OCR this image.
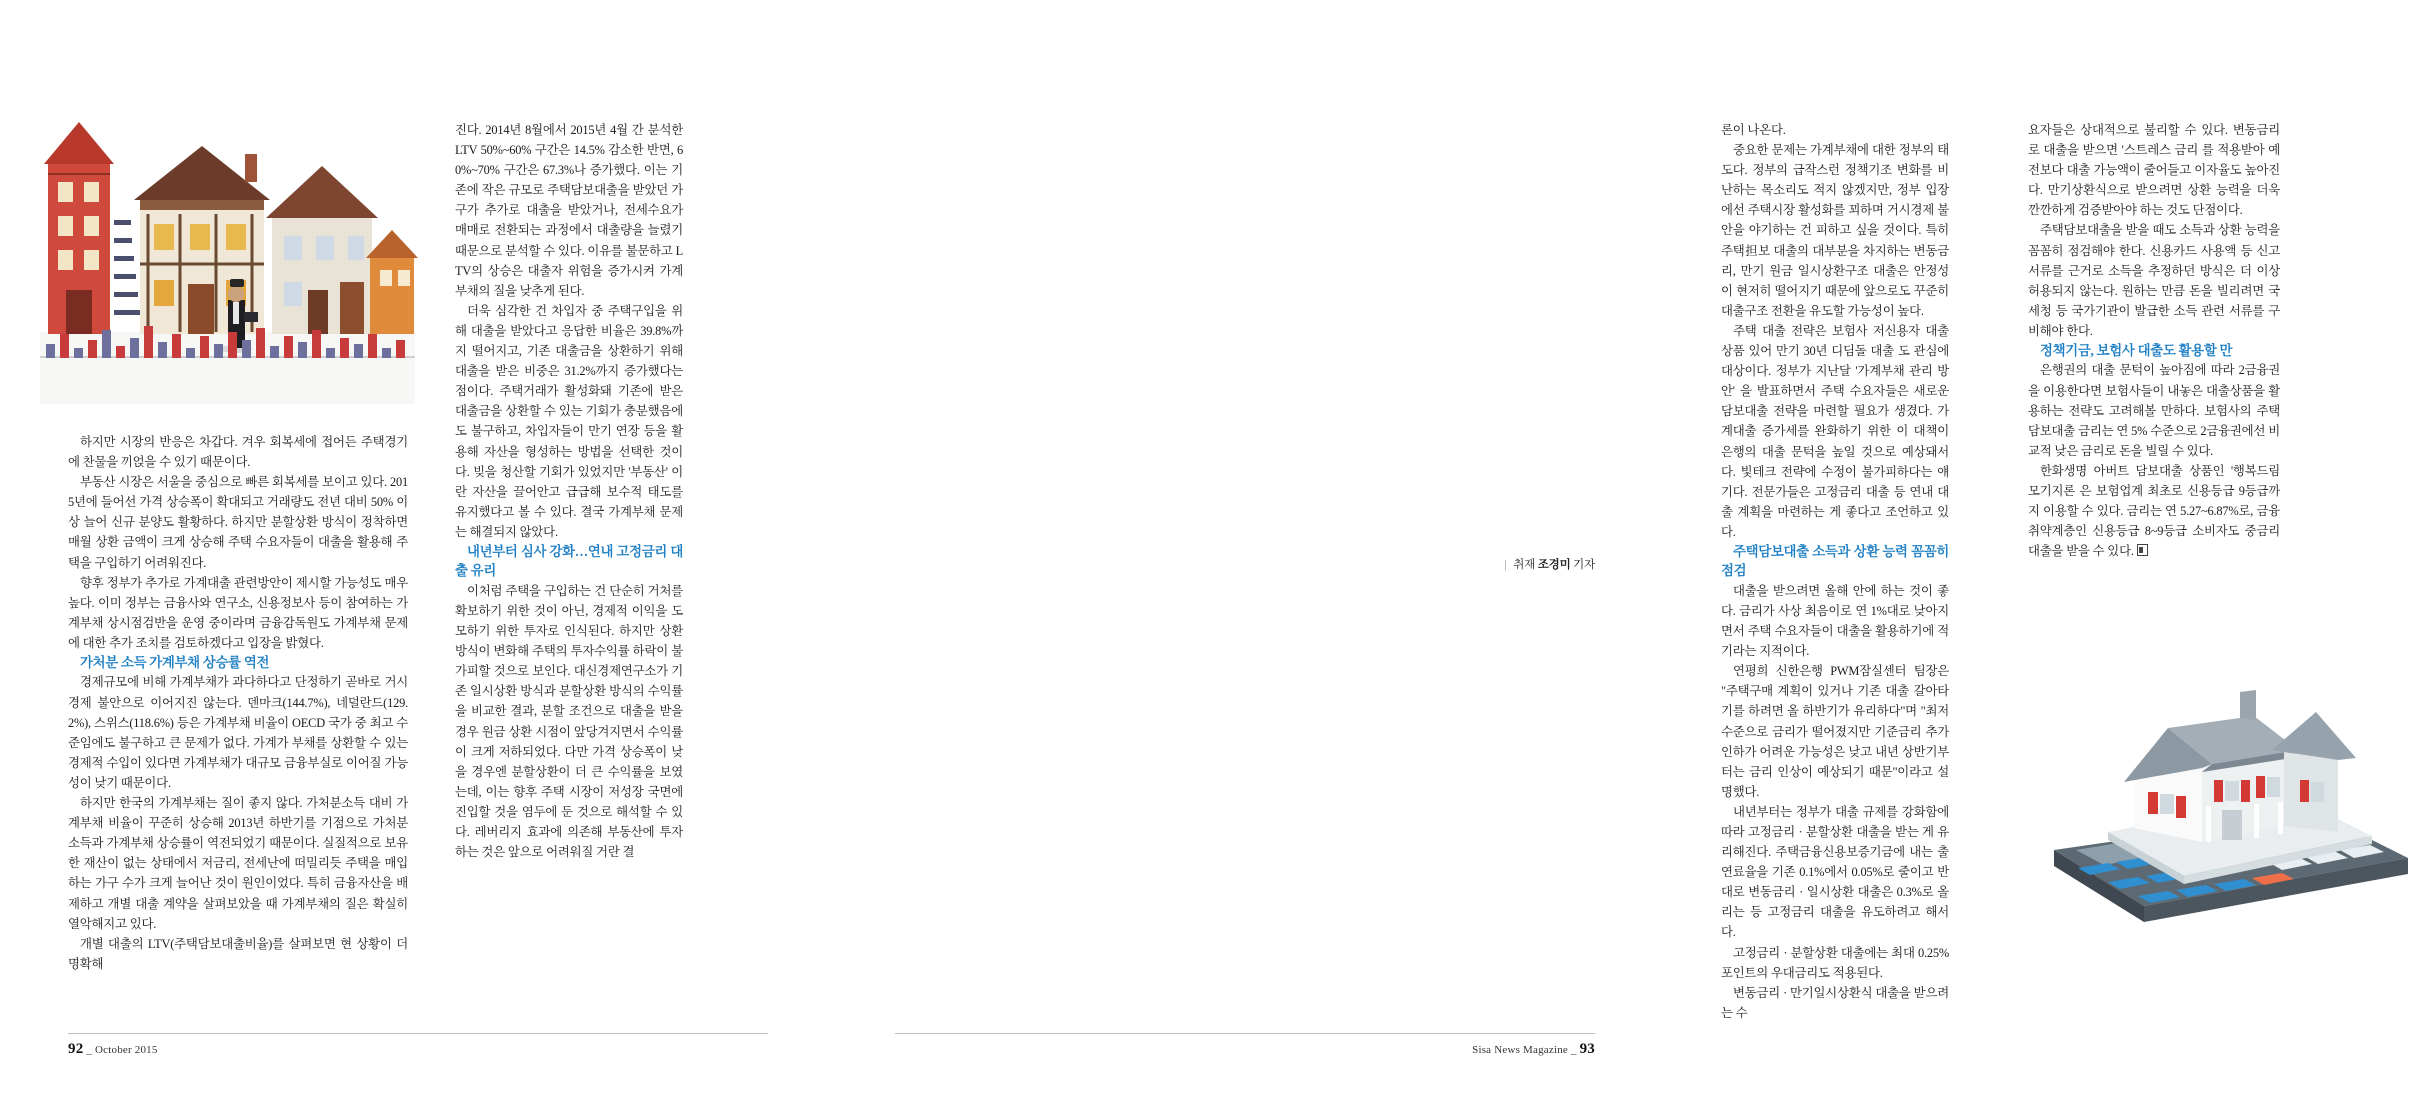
하지만 시장의 반응은 차갑다. 겨우 회복세에 접어든 주택경기에 찬물을 끼얹을 수 있기 때문이다.

부동산 시장은 서울을 중심으로 빠른 회복세를 보이고 있다. 2015년에 들어선 가격 상승폭이 확대되고 거래량도 전년 대비 50% 이상 늘어 신규 분양도 활황하다. 하지만 분할상환 방식이 정착하면 매월 상환 금액이 크게 상승해 주택 수요자들이 대출을 활용해 주택을 구입하기 어려워진다.

향후 정부가 추가로 가계대출 관련방안이 제시할 가능성도 매우 높다. 이미 정부는 금융사와 연구소, 신용정보사 등이 참여하는 가계부채 상시점검반을 운영 중이라며 금융감독원도 가계부채 문제에 대한 추가 조치를 검토하겠다고 입장을 밝혔다.

가처분 소득 가계부채 상승률 역전

경제규모에 비해 가계부채가 과다하다고 단정하기 곧바로 거시경제 불안으로 이어지진 않는다. 덴마크(144.7%), 네덜란드(129.2%), 스위스(118.6%) 등은 가계부채 비율이 OECD 국가 중 최고 수준임에도 불구하고 큰 문제가 없다. 가계가 부채를 상환할 수 있는 경제적 수입이 있다면 가계부채가 대규모 금융부실로 이어질 가능성이 낮기 때문이다.

하지만 한국의 가계부채는 질이 좋지 않다. 가처분소득 대비 가계부채 비율이 꾸준히 상승해 2013년 하반기를 기점으로 가처분 소득과 가계부채 상승률이 역전되었기 때문이다. 실질적으로 보유한 재산이 없는 상태에서 저금리, 전세난에 떠밀리듯 주택을 매입하는 가구 수가 크게 늘어난 것이 원인이었다. 특히 금융자산을 배제하고 개별 대출 계약을 살펴보았을 때 가계부채의 질은 확실히 열악해지고 있다.

개별 대출의 LTV(주택담보대출비율)를 살펴보면 현 상황이 더 명확해

진다. 2014년 8월에서 2015년 4월 간 분석한 LTV 50%~60% 구간은 14.5% 감소한 반면, 60%~70% 구간은 67.3%나 증가했다. 이는 기존에 작은 규모로 주택담보대출을 받았던 가구가 추가로 대출을 받았거나, 전세수요가 매매로 전환되는 과정에서 대출량을 늘렸기 때문으로 분석할 수 있다. 이유를 불문하고 LTV의 상승은 대출자 위험을 증가시켜 가계부채의 질을 낮추게 된다.

더욱 심각한 건 차입자 중 주택구입을 위해 대출을 받았다고 응답한 비율은 39.8%까지 떨어지고, 기존 대출금을 상환하기 위해 대출을 받은 비중은 31.2%까지 증가했다는 점이다. 주택거래가 활성화돼 기존에 받은 대출금을 상환할 수 있는 기회가 충분했음에도 불구하고, 차입자들이 만기 연장 등을 활용해 자산을 형성하는 방법을 선택한 것이다. 빚을 청산할 기회가 있었지만 '부동산' 이란 자산을 끌어안고 급급해 보수적 태도를 유지했다고 볼 수 있다. 결국 가계부채 문제는 해결되지 않았다.

내년부터 심사 강화…연내 고정금리 대출 유리

이처럼 주택을 구입하는 건 단순히 거처를 확보하기 위한 것이 아닌, 경제적 이익을 도모하기 위한 투자로 인식된다. 하지만 상환방식이 변화해 주택의 투자수익률 하락이 불가피할 것으로 보인다. 대신경제연구소가 기존 일시상환 방식과 분할상환 방식의 수익률을 비교한 결과, 분할 조건으로 대출을 받을 경우 원금 상환 시점이 앞당겨지면서 수익률이 크게 저하되었다. 다만 가격 상승폭이 낮을 경우엔 분할상환이 더 큰 수익률을 보였는데, 이는 향후 주택 시장이 저성장 국면에 진입할 것을 염두에 둔 것으로 해석할 수 있다. 레버리지 효과에 의존해 부동산에 투자하는 것은 앞으로 어려워질 거란 결

92 _ October 2015

론이 나온다.

중요한 문제는 가계부채에 대한 정부의 태도다. 정부의 급작스런 정책기조 변화를 비난하는 목소리도 적지 않겠지만, 정부 입장에선 주택시장 활성화를 꾀하며 거시경제 불안을 야기하는 건 피하고 싶을 것이다. 특히 주택担보 대출의 대부분을 차지하는 변동금리, 만기 원금 일시상환구조 대출은 안정성이 현저히 떨어지기 때문에 앞으로도 꾸준히 대출구조 전환을 유도할 가능성이 높다.

주택 대출 전략은 보험사 저신용자 대출 상품 있어 만기 30년 디딤돌 대출 도 관심에 대상이다. 정부가 지난달 '가계부채 관리 방안' 을 발표하면서 주택 수요자들은 새로운 담보대출 전략을 마련할 필요가 생겼다. 가계대출 증가세를 완화하기 위한 이 대책이 은행의 대출 문턱을 높일 것으로 예상돼서다. 빛테크 전략에 수정이 불가피하다는 얘기다. 전문가들은 고정금리 대출 등 연내 대출 계획을 마련하는 게 좋다고 조언하고 있다.

주택담보대출 소득과 상환 능력 꼼꼼히 점검

대출을 받으려면 올해 안에 하는 것이 좋다. 금리가 사상 최음이로 연 1%대로 낮아지면서 주택 수요자들이 대출을 활용하기에 적기라는 지적이다.

연평희 신한은행 PWM잠실센터 팀장은 "주택구매 계획이 있거나 기존 대출 갈아타기를 하려면 올 하반기가 유리하다"며 "최저 수준으로 금리가 떨어졌지만 기준금리 추가 인하가 어려운 가능성은 낮고 내년 상반기부터는 금리 인상이 예상되기 때문"이라고 설명했다.

내년부터는 정부가 대출 규제를 강화함에 따라 고정금리 · 분할상환 대출을 받는 게 유리해진다. 주택금융신용보증기금에 내는 출연료율을 기존 0.1%에서 0.05%로 줄이고 반대로 변동금리 · 일시상환 대출은 0.3%로 올리는 등 고정금리 대출을 유도하려고 해서다.

고정금리 · 분할상환 대출에는 최대 0.25%포인트의 우대금리도 적용된다.

변동금리 · 만기일시상환식 대출을 받으려는 수

요자들은 상대적으로 불리할 수 있다. 변동금리로 대출을 받으면 '스트레스 금리 를 적용받아 예전보다 대출 가능액이 줄어들고 이자율도 높아진다. 만기상환식으로 받으려면 상환 능력을 더욱 깐깐하게 검증받아야 하는 것도 단점이다.

주택담보대출을 받을 때도 소득과 상환 능력을 꼼꼼히 점검해야 한다. 신용카드 사용액 등 신고 서류를 근거로 소득을 추정하던 방식은 더 이상 허용되지 않는다. 원하는 만큼 돈을 빌리려면 국세청 등 국가기관이 발급한 소득 관련 서류를 구비해야 한다.

정책기금, 보험사 대출도 활용할 만

은행권의 대출 문턱이 높아짐에 따라 2금융권을 이용한다면 보험사들이 내놓은 대출상품을 활용하는 전략도 고려해볼 만하다. 보험사의 주택담보대출 금리는 연 5% 수준으로 2금융권에선 비교적 낮은 금리로 돈을 빌릴 수 있다.

한화생명 아버트 담보대출 상품인 '행복드림 모기지론 은 보험업계 최초로 신용등급 9등급까지 이용할 수 있다. 금리는 연 5.27~6.87%로, 금융 취약계층인 신용등급 8~9등급 소비자도 중금리 대출을 받을 수 있다.

| 취재 조경미 기자
Sisa News Magazine _ 93
